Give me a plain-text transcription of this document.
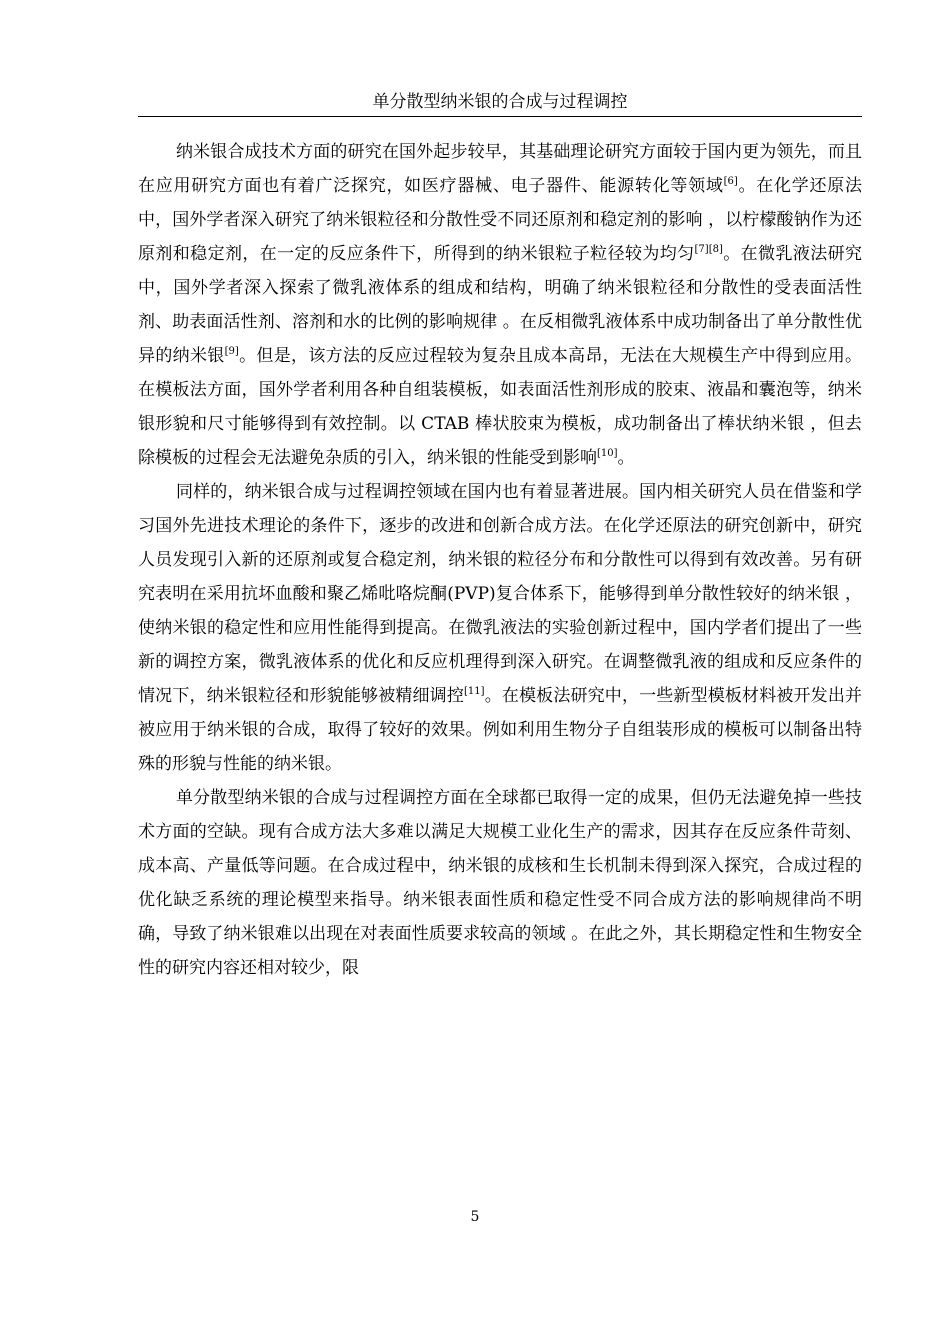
单分散型纳米银的合成与过程调控

纳米银合成技术方面的研究在国外起步较早，其基础理论研究方面较于国内更为领先，而且在应用研究方面也有着广泛探究，如医疗器械、电子器件、能源转化等领域[6]。在化学还原法中，国外学者深入研究了纳米银粒径和分散性受不同还原剂和稳定剂的影响 ，以柠檬酸钠作为还原剂和稳定剂，在一定的反应条件下，所得到的纳米银粒子粒径较为均匀[7][8]。在微乳液法研究中，国外学者深入探索了微乳液体系的组成和结构，明确了纳米银粒径和分散性的受表面活性剂、助表面活性剂、溶剂和水的比例的影响规律 。在反相微乳液体系中成功制备出了单分散性优异的纳米银[9]。但是，该方法的反应过程较为复杂且成本高昂，无法在大规模生产中得到应用。在模板法方面，国外学者利用各种自组装模板，如表面活性剂形成的胶束、液晶和囊泡等，纳米银形貌和尺寸能够得到有效控制。以 CTAB 棒状胶束为模板，成功制备出了棒状纳米银 ，但去除模板的过程会无法避免杂质的引入，纳米银的性能受到影响[10]。

同样的，纳米银合成与过程调控领域在国内也有着显著进展。国内相关研究人员在借鉴和学习国外先进技术理论的条件下，逐步的改进和创新合成方法。在化学还原法的研究创新中，研究人员发现引入新的还原剂或复合稳定剂，纳米银的粒径分布和分散性可以得到有效改善。另有研究表明在采用抗坏血酸和聚乙烯吡咯烷酮(PVP)复合体系下，能够得到单分散性较好的纳米银 ，使纳米银的稳定性和应用性能得到提高。在微乳液法的实验创新过程中，国内学者们提出了一些新的调控方案，微乳液体系的优化和反应机理得到深入研究。在调整微乳液的组成和反应条件的情况下，纳米银粒径和形貌能够被精细调控[11]。在模板法研究中，一些新型模板材料被开发出并被应用于纳米银的合成，取得了较好的效果。例如利用生物分子自组装形成的模板可以制备出特殊的形貌与性能的纳米银。

单分散型纳米银的合成与过程调控方面在全球都已取得一定的成果，但仍无法避免掉一些技术方面的空缺。现有合成方法大多难以满足大规模工业化生产的需求，因其存在反应条件苛刻、成本高、产量低等问题。在合成过程中，纳米银的成核和生长机制未得到深入探究，合成过程的优化缺乏系统的理论模型来指导。纳米银表面性质和稳定性受不同合成方法的影响规律尚不明确，导致了纳米银难以出现在对表面性质要求较高的领域 。在此之外，其长期稳定性和生物安全性的研究内容还相对较少，限

5
